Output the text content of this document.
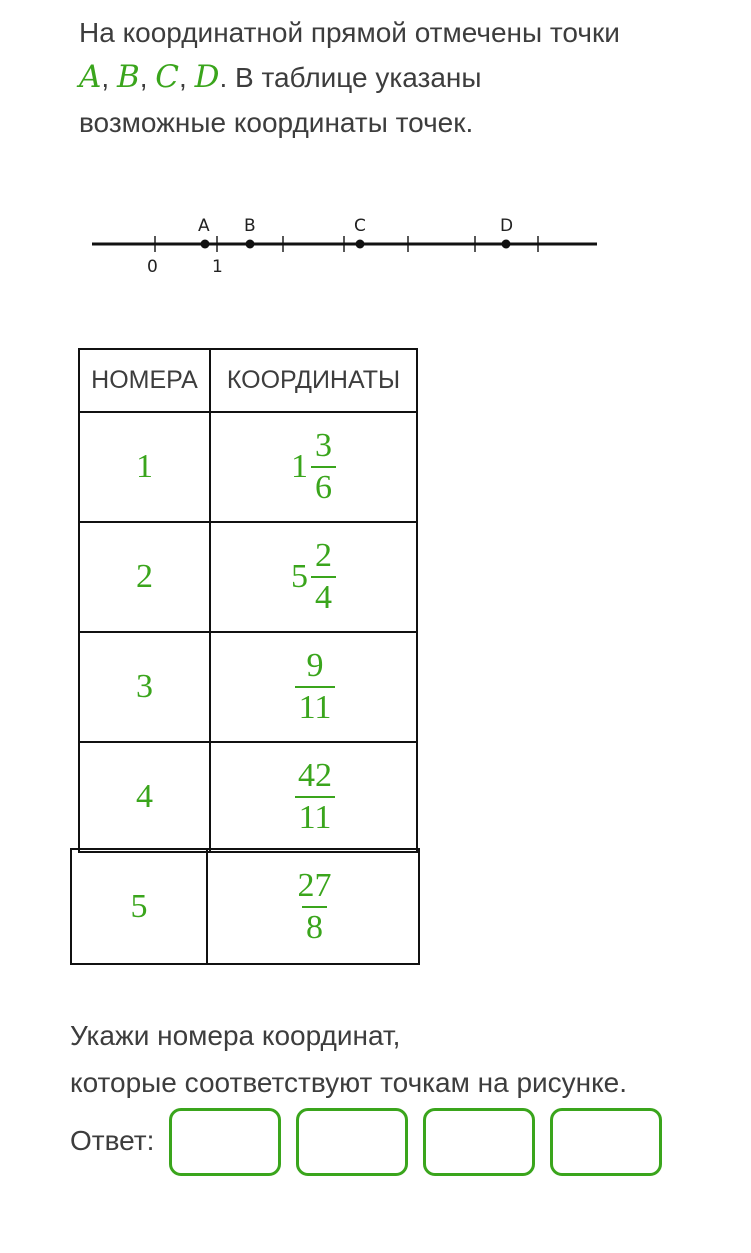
На координатной прямой отмечены точки
A, B, C, D. В таблице указаны
возможные координаты точек.
A B	C	D
0	1
НОМЕРА	КООРДИНАТЫ
1	$1 \frac{3}{6}$

2	$5 \frac{2}{4}$

3	$\frac{9}{11}$

4	$\frac{42}{11}$
5	$\frac{27}{8}$
Укажи номера координат,
которые соответствуют точкам на рисунке.
Ответ:
